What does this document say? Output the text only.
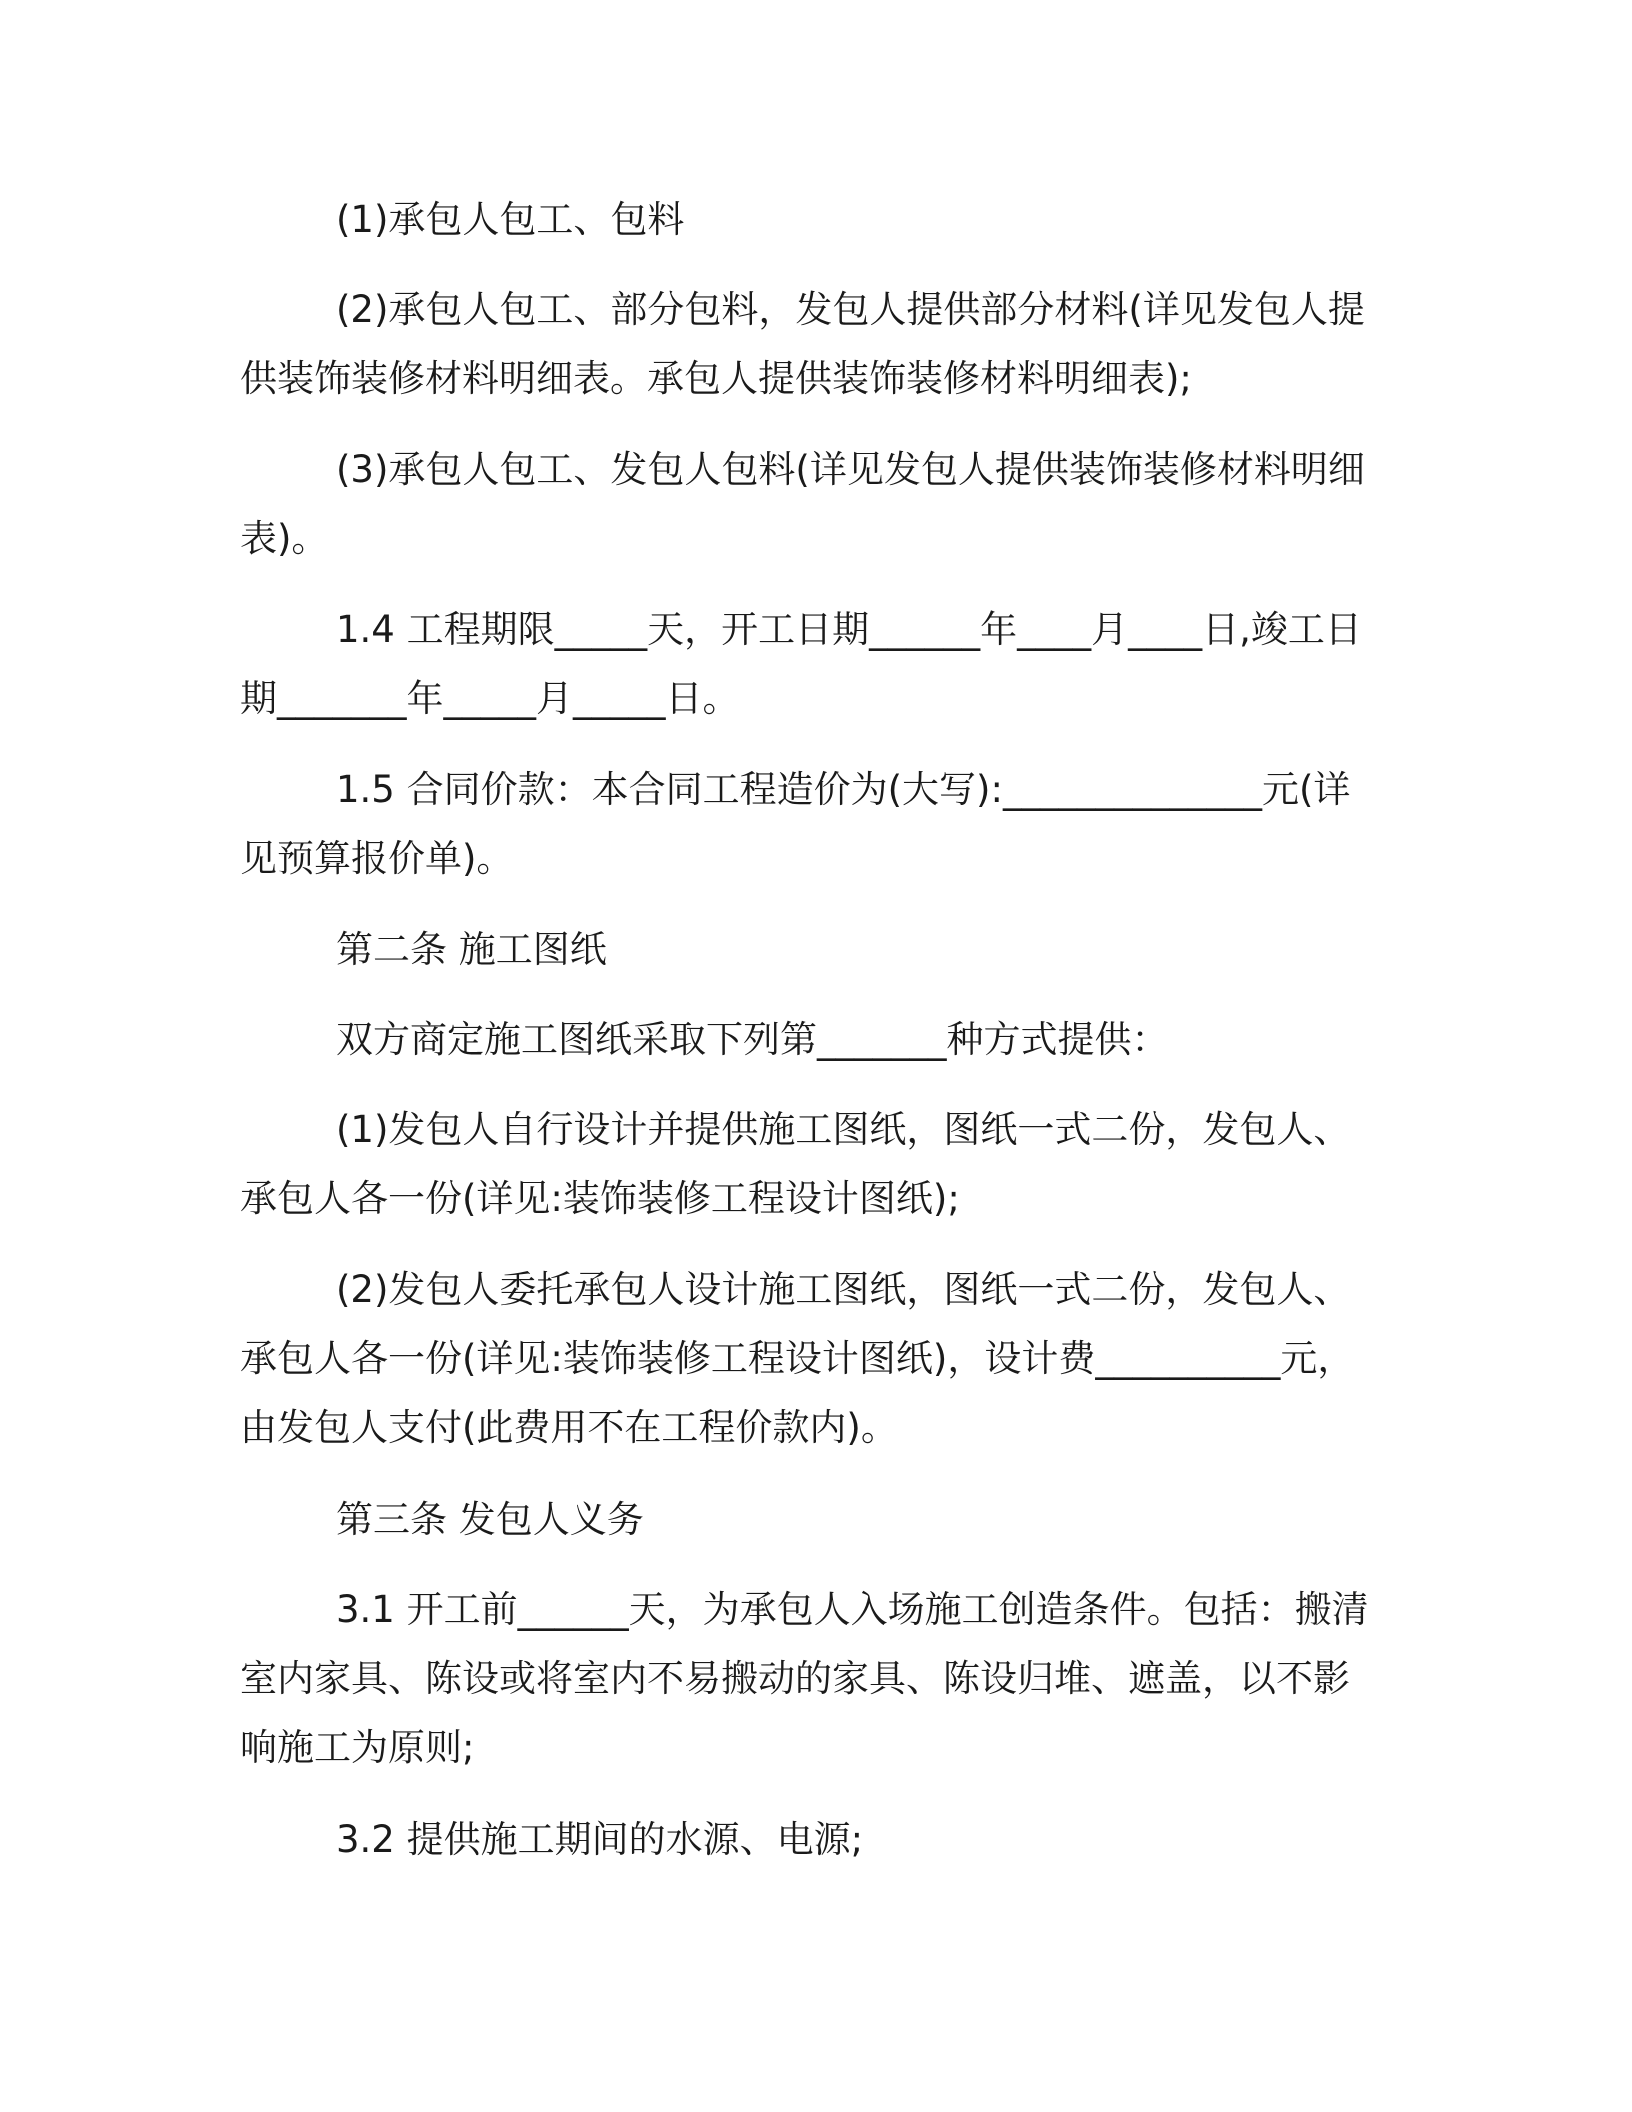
(1)承包人包工、包料

(2)承包人包工、部分包料，发包人提供部分材料(详见发包人提供装饰装修材料明细表。承包人提供装饰装修材料明细表);

(3)承包人包工、发包人包料(详见发包人提供装饰装修材料明细表)。

1.4 工程期限_____天，开工日期______年____月____日,竣工日期_______年_____月_____日。

1.5 合同价款：本合同工程造价为(大写):______________元(详见预算报价单)。

第二条 施工图纸

双方商定施工图纸采取下列第_______种方式提供：

(1)发包人自行设计并提供施工图纸，图纸一式二份，发包人、承包人各一份(详见:装饰装修工程设计图纸);

(2)发包人委托承包人设计施工图纸，图纸一式二份，发包人、承包人各一份(详见:装饰装修工程设计图纸)，设计费__________元，由发包人支付(此费用不在工程价款内)。

第三条 发包人义务

3.1 开工前______天，为承包人入场施工创造条件。包括：搬清室内家具、陈设或将室内不易搬动的家具、陈设归堆、遮盖，以不影响施工为原则;

3.2 提供施工期间的水源、电源;
